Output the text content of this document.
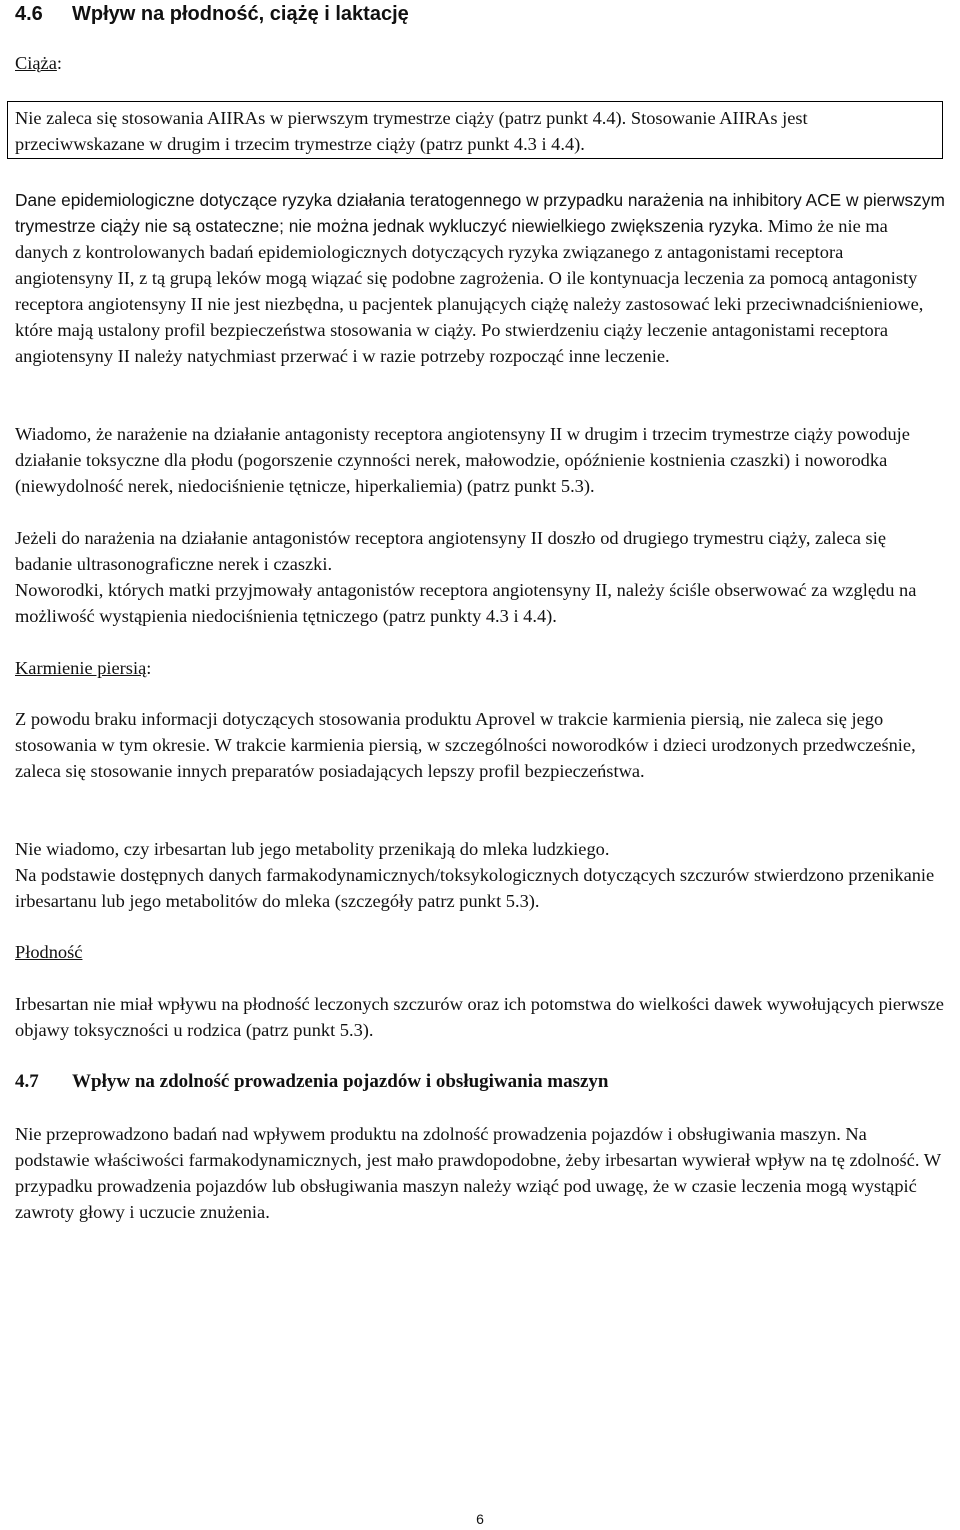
4.6	Wpływ na płodność, ciążę i laktację

Ciąża:

Nie zaleca się stosowania AIIRAs w pierwszym trymestrze ciąży (patrz punkt 4.4). Stosowanie AIIRAs jest przeciwwskazane w drugim i trzecim trymestrze ciąży (patrz punkt 4.3 i 4.4).

Dane epidemiologiczne dotyczące ryzyka działania teratogennego w przypadku narażenia na inhibitory ACE w pierwszym trymestrze ciąży nie są ostateczne; nie można jednak wykluczyć niewielkiego zwiększenia ryzyka. Mimo że nie ma danych z kontrolowanych badań epidemiologicznych dotyczących ryzyka związanego z antagonistami receptora angiotensyny II, z tą grupą leków mogą wiązać się podobne zagrożenia. O ile kontynuacja leczenia za pomocą antagonisty receptora angiotensyny II nie jest niezbędna, u pacjentek planujących ciążę należy zastosować leki przeciwnadciśnieniowe, które mają ustalony profil bezpieczeństwa stosowania w ciąży. Po stwierdzeniu ciąży leczenie antagonistami receptora angiotensyny II należy natychmiast przerwać i w razie potrzeby rozpocząć inne leczenie.

Wiadomo, że narażenie na działanie antagonisty receptora angiotensyny II w drugim i trzecim trymestrze ciąży powoduje działanie toksyczne dla płodu (pogorszenie czynności nerek, małowodzie, opóźnienie kostnienia czaszki) i noworodka (niewydolność nerek, niedociśnienie tętnicze, hiperkaliemia) (patrz punkt 5.3).

Jeżeli do narażenia na działanie antagonistów receptora angiotensyny II doszło od drugiego trymestru ciąży, zaleca się badanie ultrasonograficzne nerek i czaszki.

Noworodki, których matki przyjmowały antagonistów receptora angiotensyny II, należy ściśle obserwować za względu na możliwość wystąpienia niedociśnienia tętniczego (patrz punkty 4.3 i 4.4).

Karmienie piersią:

Z powodu braku informacji dotyczących stosowania produktu Aprovel w trakcie karmienia piersią, nie zaleca się jego stosowania w tym okresie. W trakcie karmienia piersią, w szczególności noworodków i dzieci urodzonych przedwcześnie, zaleca się stosowanie innych preparatów posiadających lepszy profil bezpieczeństwa.

Nie wiadomo, czy irbesartan lub jego metabolity przenikają do mleka ludzkiego.

Na podstawie dostępnych danych farmakodynamicznych/toksykologicznych dotyczących szczurów stwierdzono przenikanie irbesartanu lub jego metabolitów do mleka (szczegóły patrz punkt 5.3).

Płodność

Irbesartan nie miał wpływu na płodność leczonych szczurów oraz ich potomstwa do wielkości dawek wywołujących pierwsze objawy toksyczności u rodzica (patrz punkt 5.3).

4.7	Wpływ na zdolność prowadzenia pojazdów i obsługiwania maszyn

Nie przeprowadzono badań nad wpływem produktu na zdolność prowadzenia pojazdów i obsługiwania maszyn. Na podstawie właściwości farmakodynamicznych, jest mało prawdopodobne, żeby irbesartan wywierał wpływ na tę zdolność. W przypadku prowadzenia pojazdów lub obsługiwania maszyn należy wziąć pod uwagę, że w czasie leczenia mogą wystąpić zawroty głowy i uczucie znużenia.

6
